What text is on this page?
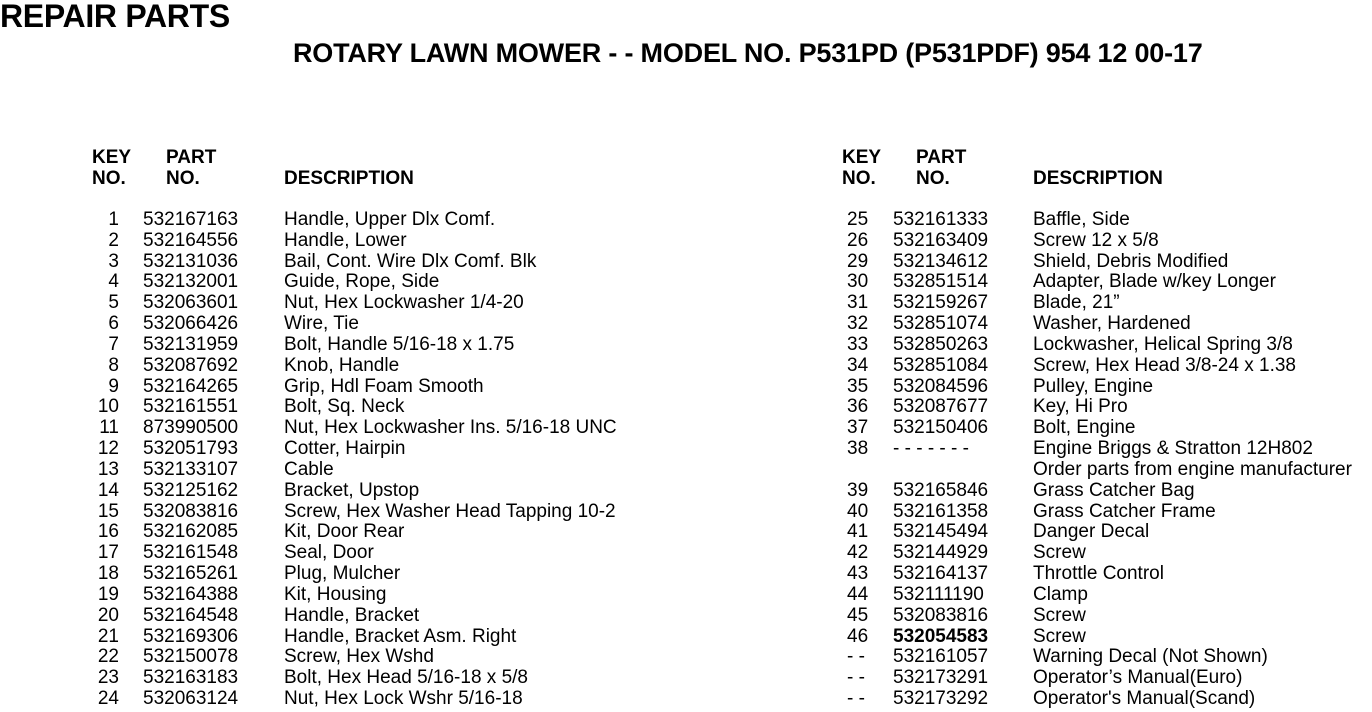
REPAIR PARTS
ROTARY LAWN MOWER - - MODEL NO. P531PD (P531PDF) 954 12 00-17
KEY
NO.
PART
NO.	DESCRIPTION
KEY
NO.
PART
NO.	DESCRIPTION
1 532167163 Handle, Upper Dlx Comf.
2 532164556 Handle, Lower
3 532131036 Bail, Cont. Wire Dlx Comf. Blk
4 532132001 Guide, Rope, Side
5 532063601 Nut, Hex Lockwasher 1/4-20
6 532066426 Wire, Tie
7 532131959 Bolt, Handle 5/16-18 x 1.75
8 532087692 Knob, Handle
9 532164265 Grip, Hdl Foam Smooth
10 532161551 Bolt, Sq. Neck
11 873990500 Nut, Hex Lockwasher Ins. 5/16-18 UNC
12 532051793 Cotter, Hairpin
13 532133107 Cable
14 532125162 Bracket, Upstop
15 532083816 Screw, Hex Washer Head Tapping 10-2
16 532162085 Kit, Door Rear
17 532161548 Seal, Door
18 532165261 Plug, Mulcher
19 532164388 Kit, Housing
20 532164548 Handle, Bracket
21 532169306 Handle, Bracket Asm. Right
22 532150078 Screw, Hex Wshd
23 532163183 Bolt, Hex Head 5/16-18 x 5/8
24 532063124 Nut, Hex Lock Wshr 5/16-18
25 532161333 Baffle, Side
26 532163409 Screw 12 x 5/8
29 532134612 Shield, Debris Modified
30 532851514 Adapter, Blade w/key Longer
31 532159267 Blade, 21”
32 532851074 Washer, Hardened
33 532850263 Lockwasher, Helical Spring 3/8
34 532851084 Screw, Hex Head 3/8-24 x 1.38
35 532084596 Pulley, Engine
36 532087677 Key, Hi Pro
37 532150406 Bolt, Engine
38 - - - - - - -	Engine Briggs & Stratton 12H802
Order parts from engine manufacturer
39 532165846 Grass Catcher Bag
40 532161358 Grass Catcher Frame
41 532145494 Danger Decal
42 532144929 Screw
43 532164137 Throttle Control
44 532111190	Clamp
45 532083816 Screw
46 532054583 Screw
- - 532161057 Warning Decal (Not Shown)
- - 532173291 Operator’s Manual(Euro)
- - 532173292 Operator's Manual(Scand)
